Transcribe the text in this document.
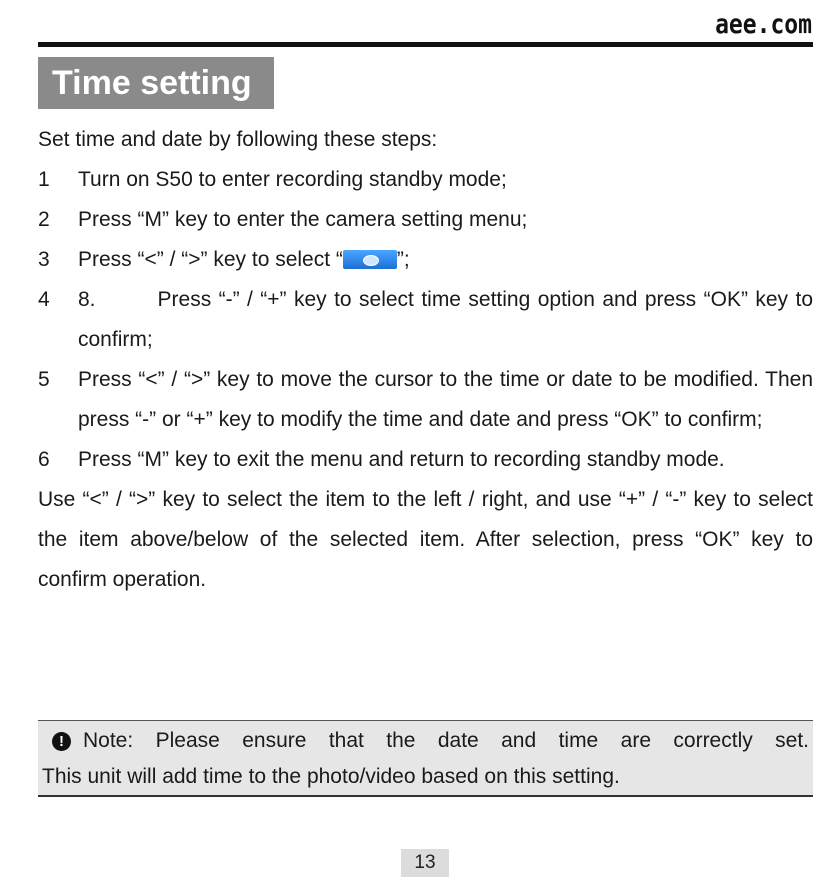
aee.com
Time setting

Set time and date by following these steps:

1	Turn on S50 to enter recording standby mode;
2	Press “M” key to enter the camera setting menu;
3	Press “<” / “>” key to select “	”;
4	8.	Press “-” / “+” key to select time setting option and press “OK” key to confirm;
5	Press “<” / “>” key to move the cursor to the time or date to be modified. Then press “-” or “+” key to modify the time and date and press “OK” to confirm;
6	Press “M” key to exit the menu and return to recording standby mode.

Use “<” / “>” key to select the item to the left / right, and use “+” / “-” key to select the item above/below of the selected item. After selection, press “OK” key to confirm operation.

! Note: Please ensure that the date and time are correctly set.
This unit will add time to the photo/video based on this setting.
13
